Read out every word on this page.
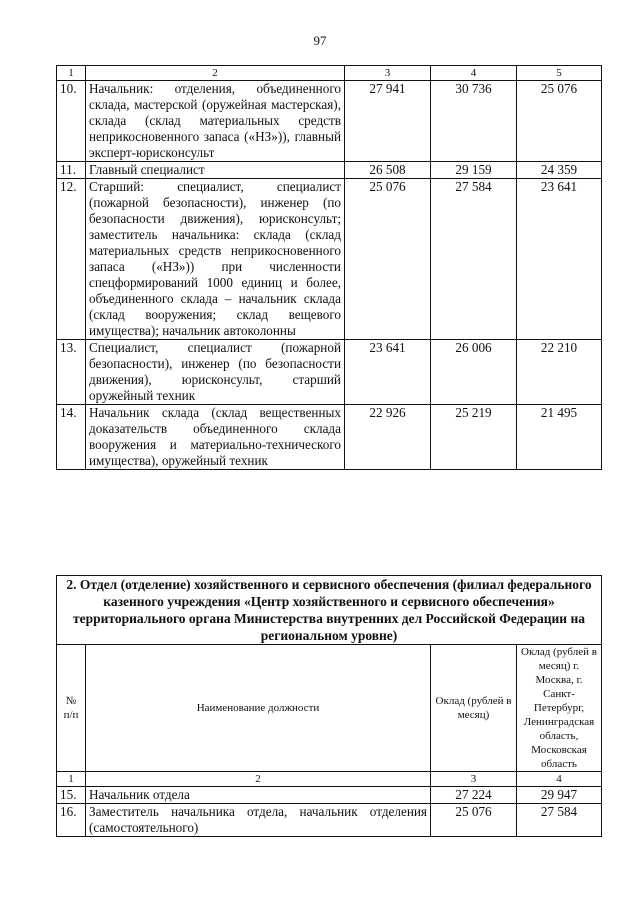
97
1	2	3	4	5
10.	Начальник: отделения, объединенного склада, мастерской (оружейная мастерская), склада (склад материальных средств неприкосновенного запаса («НЗ»)), главный эксперт-юрисконсульт	27 941	30 736	25 076
11.	Главный специалист	26 508	29 159	24 359
12.	Старший: специалист, специалист (пожарной безопасности), инженер (по безопасности движения), юрисконсульт; заместитель начальника: склада (склад материальных средств неприкосновенного запаса («НЗ»)) при численности спецформирований 1000 единиц и более, объединенного склада – начальник склада (склад вооружения; склад вещевого имущества); начальник автоколонны	25 076	27 584	23 641
13.	Специалист, специалист (пожарной безопасности), инженер (по безопасности движения), юрисконсульт, старший оружейный техник	23 641	26 006	22 210
14.	Начальник склада (склад вещественных доказательств объединенного склада вооружения и материально-технического имущества), оружейный техник	22 926	25 219	21 495
2. Отдел (отделение) хозяйственного и сервисного обеспечения (филиал федерального казенного учреждения «Центр хозяйственного и сервисного обеспечения» территориального органа Министерства внутренних дел Российской Федерации на региональном уровне)			
№ п/п	Наименование должности	Оклад (рублей в месяц)	Оклад (рублей в месяц) г. Москва, г. Санкт-Петербург, Ленинградская область, Московская область
1	2	3	4
15.	Начальник отдела	27 224	29 947
16.	Заместитель начальника отдела, начальник отделения (самостоятельного)	25 076	27 584
